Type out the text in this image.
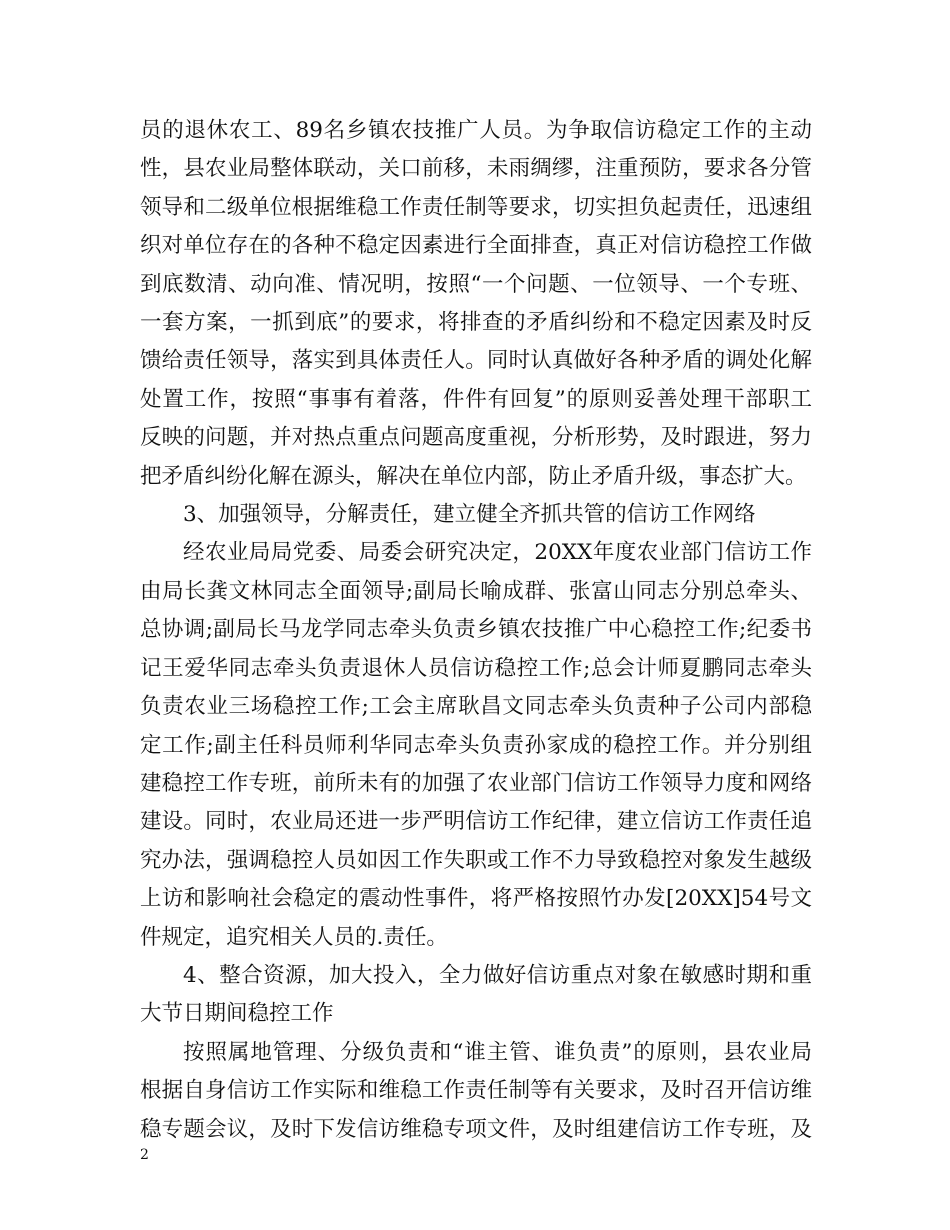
员的退休农工、89名乡镇农技推广人员。为争取信访稳定工作的主动

性，县农业局整体联动，关口前移，未雨绸缪，注重预防，要求各分管

领导和二级单位根据维稳工作责任制等要求，切实担负起责任，迅速组

织对单位存在的各种不稳定因素进行全面排查，真正对信访稳控工作做

到底数清、动向准、情况明，按照“一个问题、一位领导、一个专班、

一套方案，一抓到底”的要求，将排查的矛盾纠纷和不稳定因素及时反

馈给责任领导，落实到具体责任人。同时认真做好各种矛盾的调处化解

处置工作，按照“事事有着落，件件有回复”的原则妥善处理干部职工

反映的问题，并对热点重点问题高度重视，分析形势，及时跟进，努力

把矛盾纠纷化解在源头，解决在单位内部，防止矛盾升级，事态扩大。

3、加强领导，分解责任，建立健全齐抓共管的信访工作网络

经农业局局党委、局委会研究决定，20XX年度农业部门信访工作

由局长龚文林同志全面领导;副局长喻成群、张富山同志分别总牵头、

总协调;副局长马龙学同志牵头负责乡镇农技推广中心稳控工作;纪委书

记王爱华同志牵头负责退休人员信访稳控工作;总会计师夏鹏同志牵头

负责农业三场稳控工作;工会主席耿昌文同志牵头负责种子公司内部稳

定工作;副主任科员师利华同志牵头负责孙家成的稳控工作。并分别组

建稳控工作专班，前所未有的加强了农业部门信访工作领导力度和网络

建设。同时，农业局还进一步严明信访工作纪律，建立信访工作责任追

究办法，强调稳控人员如因工作失职或工作不力导致稳控对象发生越级

上访和影响社会稳定的震动性事件，将严格按照竹办发[20XX]54号文

件规定，追究相关人员的.责任。

4、整合资源，加大投入，全力做好信访重点对象在敏感时期和重

大节日期间稳控工作

按照属地管理、分级负责和“谁主管、谁负责”的原则，县农业局

根据自身信访工作实际和维稳工作责任制等有关要求，及时召开信访维

稳专题会议，及时下发信访维稳专项文件，及时组建信访工作专班，及

2
